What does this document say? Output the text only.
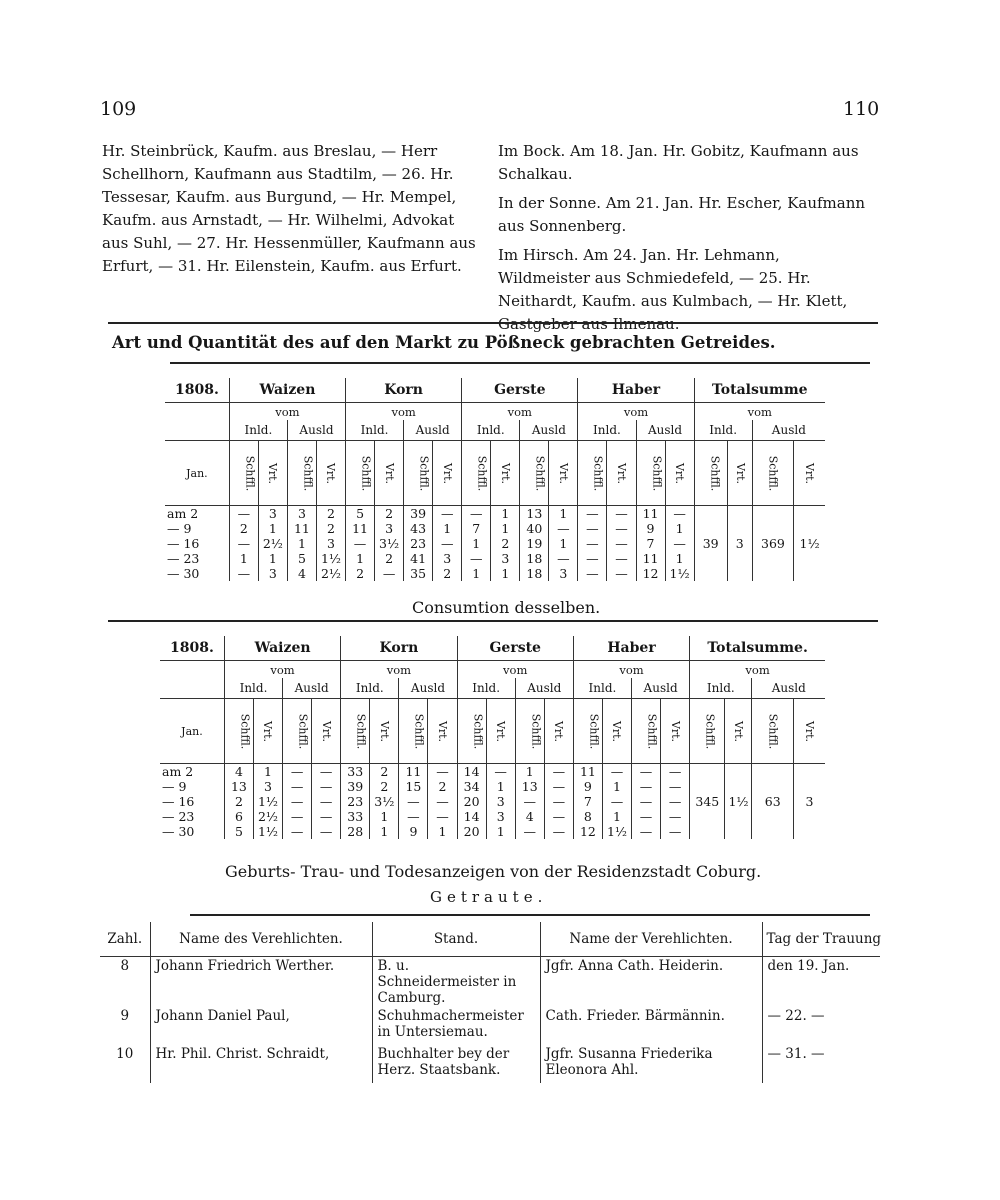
109	110

Hr. Steinbrück, Kaufm. aus Breslau, — Herr Schellhorn, Kaufmann aus Stadtilm, — 26. Hr. Tessesar, Kaufm. aus Burgund, — Hr. Mempel, Kaufm. aus Arnstadt, — Hr. Wilhelmi, Advokat aus Suhl, — 27. Hr. Hessenmüller, Kaufmann aus Erfurt, — 31. Hr. Eilenstein, Kaufm. aus Erfurt.

Im Bock. Am 18. Jan. Hr. Gobitz, Kaufmann aus Schalkau.

In der Sonne. Am 21. Jan. Hr. Escher, Kaufmann aus Sonnenberg.

Im Hirsch. Am 24. Jan. Hr. Lehmann, Wildmeister aus Schmiedefeld, — 25. Hr. Neithardt, Kaufm. aus Kulmbach, — Hr. Klett, Gastgeber aus Ilmenau.

Art und Quantität des auf den Markt zu Pößneck gebrachten Getreides.
1808.	Waizen				Korn				Gerste				Haber				Totalsumme			
	vom				vom				vom				vom				vom			
	Inld.		Ausld		Inld.		Ausld		Inld.		Ausld		Inld.		Ausld		Inld.		Ausld	
Jan.	Schffl.	Vrt.	Schffl.	Vrt.	Schffl.	Vrt.	Schffl.	Vrt.	Schffl.	Vrt.	Schffl.	Vrt.	Schffl.	Vrt.	Schffl.	Vrt.	Schffl.	Vrt.	Schffl.	Vrt.
am 2	—	3	3	2	5	2	39	—	—	1	13	1	—	—	11	—	39	3	369	1½
— 9	2	1	11	2	11	3	43	1	7	1	40	—	—	—	9	1				
— 16	—	2½	1	3	—	3½	23	—	1	2	19	1	—	—	7	—				
— 23	1	1	5	1½	1	2	41	3	—	3	18	—	—	—	11	1				
— 30	—	3	4	2½	2	—	35	2	1	1	18	3	—	—	12	1½				
Consumtion desselben.
1808.	Waizen				Korn				Gerste				Haber				Totalsumme.			
	vom				vom				vom				vom				vom			
	Inld.		Ausld		Inld.		Ausld		Inld.		Ausld		Inld.		Ausld		Inld.		Ausld	
Jan.	Schffl.	Vrt.	Schffl.	Vrt.	Schffl.	Vrt.	Schffl.	Vrt.	Schffl.	Vrt.	Schffl.	Vrt.	Schffl.	Vrt.	Schffl.	Vrt.	Schffl.	Vrt.	Schffl.	Vrt.
am 2	4	1	—	—	33	2	11	—	14	—	1	—	11	—	—	—	345	1½	63	3
— 9	13	3	—	—	39	2	15	2	34	1	13	—	9	1	—	—				
— 16	2	1½	—	—	23	3½	—	—	20	3	—	—	7	—	—	—				
— 23	6	2½	—	—	33	1	—	—	14	3	4	—	8	1	—	—				
— 30	5	1½	—	—	28	1	9	1	20	1	—	—	12	1½	—	—				
Geburts- Trau- und Todesanzeigen von der Residenzstadt Coburg.
Getraute.
Zahl.	Name des Verehlichten.	Stand.	Name der Verehlichten.	Tag der Trauung
8	Johann Friedrich Werther.	B. u. Schneidermeister in Camburg.	Jgfr. Anna Cath. Heiderin.	den 19. Jan.
9	Johann Daniel Paul,	Schuhmachermeister in Untersiemau.	Cath. Frieder. Bärmännin.	— 22. —
10	Hr. Phil. Christ. Schraidt,	Buchhalter bey der Herz. Staatsbank.	Jgfr. Susanna Friederika Eleonora Ahl.	— 31. —
